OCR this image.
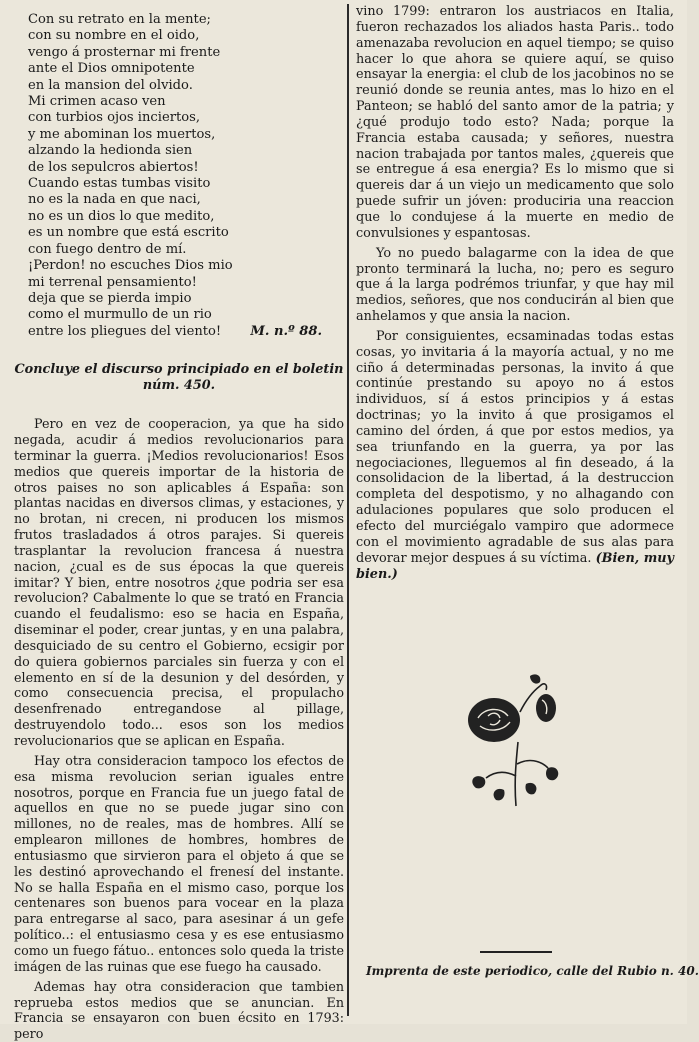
Con su retrato en la mente;
con su nombre en el oido,
vengo á prosternar mi frente
ante el Dios omnipotente
en la mansion del olvido.
Mi crimen acaso ven
con turbios ojos inciertos,
y me abominan los muertos,
alzando la hedionda sien
de los sepulcros abiertos!
Cuando estas tumbas visito
no es la nada en que naci,
no es un dios lo que medito,
es un nombre que está escrito
con fuego dentro de mí.
¡Perdon! no escuches Dios mio
mi terrenal pensamiento!
deja que se pierda impio
como el murmullo de un rio
entre los pliegues del viento! M. n.º 88.
Concluye el discurso principiado en el boletin
núm. 450.

Pero en vez de cooperacion, ya que ha sido negada, acudir á medios revolucionarios para terminar la guerra. ¡Medios revolucionarios! Esos medios que quereis importar de la historia de otros paises no son aplicables á España: son plantas nacidas en diversos climas, y estaciones, y no brotan, ni crecen, ni producen los mismos frutos trasladados á otros parajes. Si quereis trasplantar la revolucion francesa á nuestra nacion, ¿cual es de sus épocas la que quereis imitar? Y bien, entre nosotros ¿que podria ser esa revolucion? Cabalmente lo que se trató en Francia cuando el feudalismo: eso se hacia en España, diseminar el poder, crear juntas, y en una palabra, desquiciado de su centro el Gobierno, ecsigir por do quiera gobiernos parciales sin fuerza y con el elemento en sí de la desunion y del desórden, y como consecuencia precisa, el propulacho desenfrenado entregandose al pillage, destruyendolo todo... esos son los medios revolucionarios que se aplican en España.

Hay otra consideracion tampoco los efectos de esa misma revolucion serian iguales entre nosotros, porque en Francia fue un juego fatal de aquellos en que no se puede jugar sino con millones, no de reales, mas de hombres. Allí se emplearon millones de hombres, hombres de entusiasmo que sirvieron para el objeto á que se les destinó aprovechando el frenesí del instante. No se halla España en el mismo caso, porque los centenares son buenos para vocear en la plaza para entregarse al saco, para asesinar á un gefe político..: el entusiasmo cesa y es ese entusiasmo como un fuego fátuo.. entonces solo queda la triste imágen de las ruinas que ese fuego ha causado.

Ademas hay otra consideracion que tambien reprueba estos medios que se anuncian. En Francia se ensayaron con buen écsito en 1793: pero

vino 1799: entraron los austriacos en Italia, fueron rechazados los aliados hasta Paris.. todo amenazaba revolucion en aquel tiempo; se quiso hacer lo que ahora se quiere aquí, se quiso ensayar la energia: el club de los jacobinos no se reunió donde se reunia antes, mas lo hizo en el Panteon; se habló del santo amor de la patria; y ¿qué produjo todo esto? Nada; porque la Francia estaba causada; y señores, nuestra nacion trabajada por tantos males, ¿quereis que se entregue á esa energia? Es lo mismo que si quereis dar á un viejo un medicamento que solo puede sufrir un jóven: produciria una reaccion que lo condujese á la muerte en medio de convulsiones y espantosas.

Yo no puedo balagarme con la idea de que pronto terminará la lucha, no; pero es seguro que á la larga podrémos triunfar, y que hay mil medios, señores, que nos conducirán al bien que anhelamos y que ansia la nacion.

Por consiguientes, ecsaminadas todas estas cosas, yo invitaria á la mayoría actual, y no me ciño á determinadas personas, la invito á que continúe prestando su apoyo no á estos individuos, sí á estos principios y á estas doctrinas; yo la invito á que prosigamos el camino del órden, á que por estos medios, ya sea triunfando en la guerra, ya por las negociaciones, lleguemos al fin deseado, á la consolidacion de la libertad, á la destruccion completa del despotismo, y no alhagando con adulaciones populares que solo producen el efecto del murciégalo vampiro que adormece con el movimiento agradable de sus alas para devorar mejor despues á su víctima. (Bien, muy bien.)

Imprenta de este periodico, calle del Rubio n. 40.
